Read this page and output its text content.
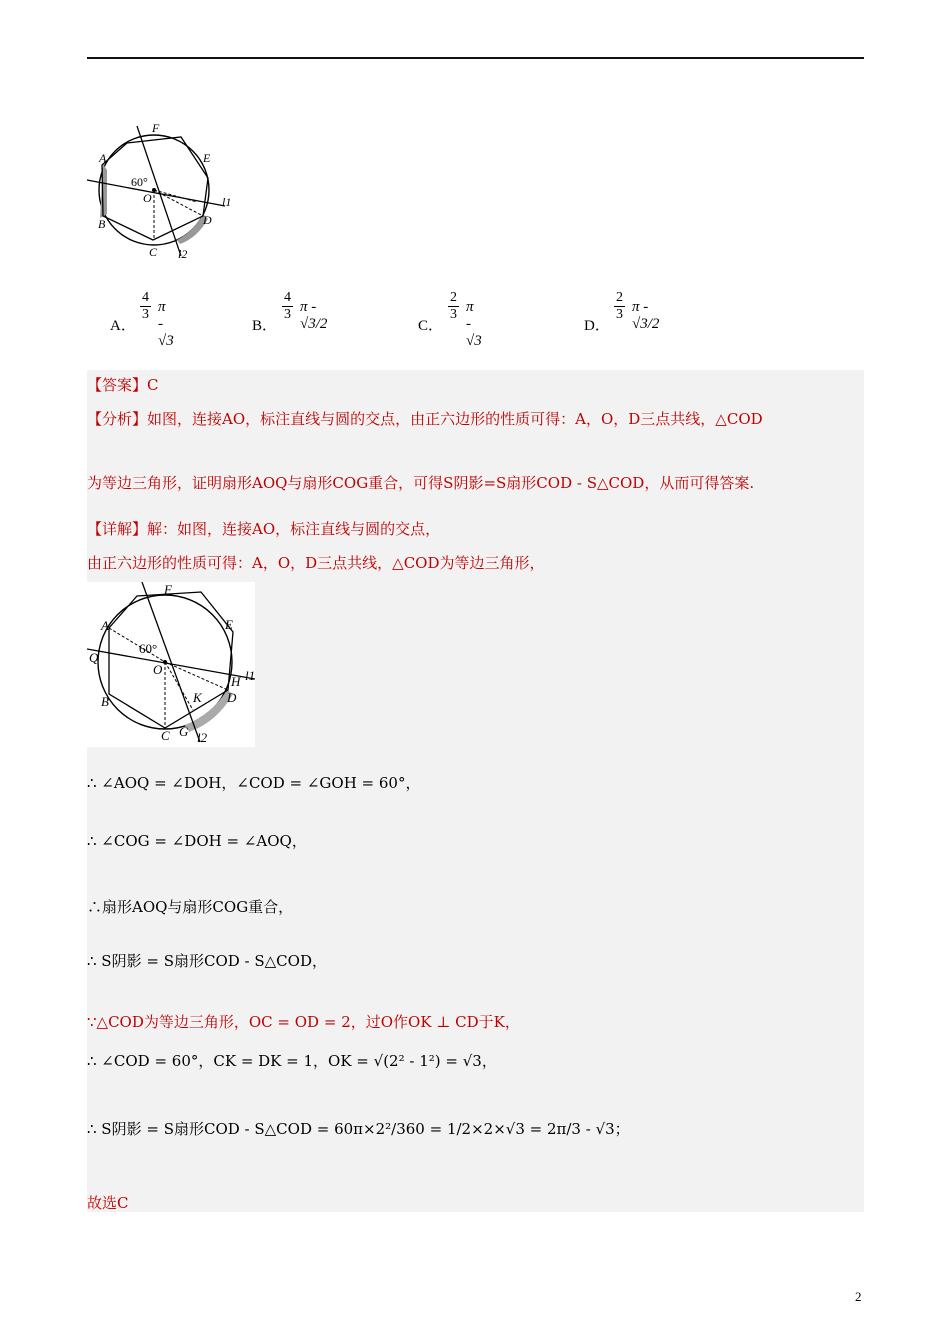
F
E
A
60°
O	l1
B	D
C l2
A．
$\frac{4}{3}$ π - √3
B．
$\frac{4}{3}$ π - √3/2	C．
$\frac{2}{3}$ π - √3
D．
$\frac{2}{3}$ π - √3/2
【答案】C
【分析】如图，连接AO，标注直线与圆的交点，由正六边形的性质可得：A，O，D三点共线，△COD
为等边三角形，证明扇形AOQ与扇形COG重合，可得S阴影=S扇形COD - S△COD，从而可得答案.
【详解】解：如图，连接AO，标注直线与圆的交点，
由正六边形的性质可得：A，O，D三点共线，△COD为等边三角形，
F
E
A
60°
Q
O
H l1
B	K D
C G l2
∴ ∠AOQ = ∠DOH，∠COD = ∠GOH = 60°，
∴ ∠COG = ∠DOH = ∠AOQ，
∴扇形AOQ与扇形COG重合，
∴ S阴影 = S扇形COD - S△COD，
∵△COD为等边三角形，OC = OD = 2，过O作OK ⊥ CD于K，
∴ ∠COD = 60°，CK = DK = 1，OK = √(2² - 1²) = √3，
∴ S阴影 = S扇形COD - S△COD = 60π×2²/360 = 1/2×2×√3 = 2π/3 - √3；
故选C
2
